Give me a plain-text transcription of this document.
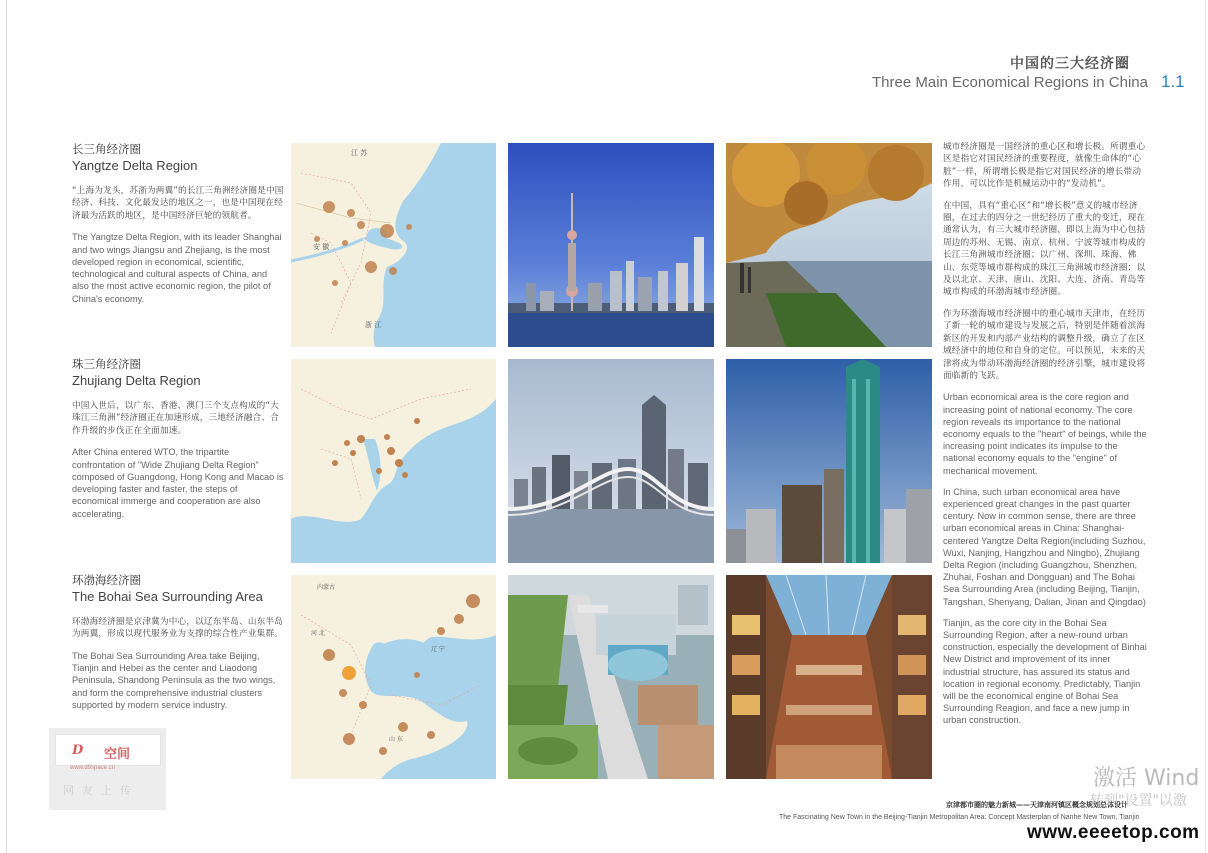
中国的三大经济圈
Three Main Economical Regions in China 1.1
长三角经济圈
Yangtze Delta Region
“上海为龙头，苏浙为两翼”的长江三角洲经济圈是中国经济、科技、文化最发达的地区之一，也是中国现在经济最为活跃的地区，是中国经济巨轮的领航者。
The Yangtze Delta Region, with its leader Shanghai and two wings Jiangsu and Zhejiang, is the most developed region in economical, scientific, technological and cultural aspects of China, and also the most active economic region, the pilot of China's economy.
珠三角经济圈
Zhujiang Delta Region
中国入世后，以广东、香港、澳门三个支点构成的“大珠江三角洲”经济圈正在加速形成，三地经济融合、合作升级的步伐正在全面加速。
After China entered WTO, the tripartite confrontation of "Wide Zhujiang Delta Region" composed of Guangdong, Hong Kong and Macao is developing faster and faster, the steps of economical immerge and cooperation are also accelerating.
环渤海经济圈
The Bohai Sea Surrounding Area
环渤海经济圈是京津冀为中心，以辽东半岛、山东半岛为两翼，形成以现代服务业为支撑的综合性产业集群。
The Bohai Sea Surrounding Area take Beijing, Tianjin and Hebei as the center and Liaodong Peninsula, Shandong Peninsula as the two wings, and form the comprehensive industrial clusters supported by modern service industry.
江 苏
安 徽
浙 江
内蒙古
河 北
辽 宁
山 东

城市经济圈是一国经济的重心区和增长极。所谓重心区是指它对国民经济的重要程度，就像生命体的“心脏”一样，所谓增长极是指它对国民经济的增长带动作用，可以比作是机械运动中的“发动机”。

在中国，具有“重心区”和“增长极”意义的城市经济圈，在过去的四分之一世纪经历了重大的变迁，现在通常认为，有三大城市经济圈，即以上海为中心包括周边的苏州、无锡、南京、杭州、宁波等城市构成的长江三角洲城市经济圈；以广州、深圳、珠海、佛山、东莞等城市群构成的珠江三角洲城市经济圈；以及以北京、天津、唐山、沈阳、大连、济南、青岛等城市构成的环渤海城市经济圈。

作为环渤海城市经济圈中的重心城市天津市，在经历了新一轮的城市建设与发展之后，特别是伴随着滨海新区的开发和内部产业结构的调整升级，确立了在区域经济中的地位和自身的定位。可以预见，未来的天津将成为带动环渤海经济圈的经济引擎，城市建设将面临新的飞跃。

Urban economical area is the core region and increasing point of national economy. The core region reveals its importance to the national economy equals to the "heart" of beings, while the increasing point indicates its impulse to the national economy equals to the "engine" of mechanical movement.

In China, such urban economical area have experienced great changes in the past quarter century. Now in common sense, there are three urban economical areas in China: Shanghai-centered Yangtze Delta Region(including Suzhou, Wuxi, Nanjing, Hangzhou and Ningbo), Zhujiang Delta Region (including Guangzhou, Shenzhen, Zhuhai, Foshan and Dongguan) and The Bohai Sea Surrounding Area (including Beijing, Tianjin, Tangshan, Shenyang, Dalian, Jinan and Qingdao)

Tianjin, as the core city in the Bohai Sea Surrounding Region, after a new-round urban construction, especially the development of Binhai New District and improvement of its inner industrial structure, has assured its status and location in regional economy. Predictably, Tianjin will be the economical engine of Bohai Sea Surrounding Reagion, and face a new jump in urban construction.

京津都市圈的魅力新城——天津南河镇区概念规划总体设计
The Fascinating New Town in the Beijing-Tianjin Metropolitan Area: Concept Masterplan of Nanhe New Town, Tianjin
激活 Wind
转到"设置"以激
www.eeeetop.com
D 空间
www.d9space.cn
网友上传
